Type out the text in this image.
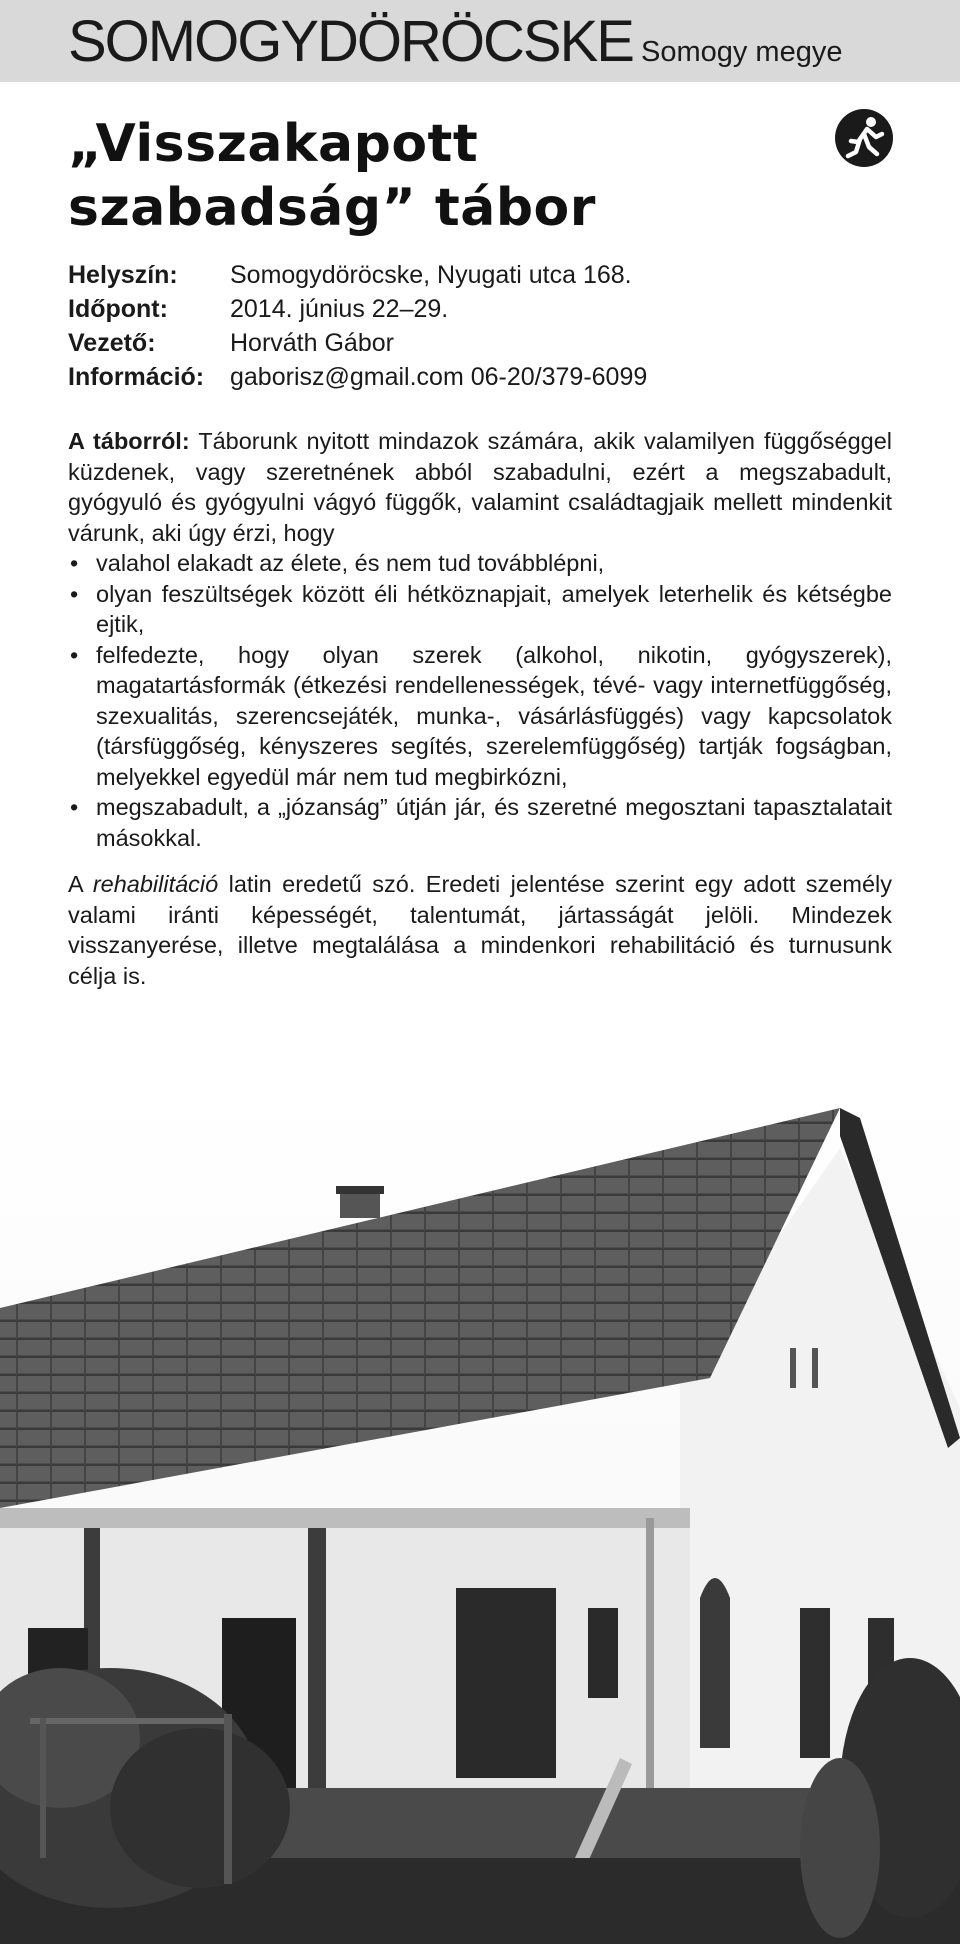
SOMOGYDÖRÖCSKE Somogy megye
„Visszakapott
szabadság” tábor
Helyszín:	Somogydöröcske, Nyugati utca 168.
Időpont:	2014. június 22–29.
Vezető:	Horváth Gábor
Információ:	gaborisz@gmail.com 06-20/379-6099

A táborról: Táborunk nyitott mindazok számára, akik valamilyen függőséggel küzdenek, vagy szeretnének abból szabadulni, ezért a megszabadult, gyógyuló és gyógyulni vágyó függők, valamint családtagjaik mellett mindenkit várunk, aki úgy érzi, hogy

• valahol elakadt az élete, és nem tud továbblépni,
• olyan feszültségek között éli hétköznapjait, amelyek leterhelik és kétségbe ejtik,
• felfedezte, hogy olyan szerek (alkohol, nikotin, gyógyszerek), magatartásformák (étkezési rendellenességek, tévé- vagy internetfüggőség, szexualitás, szerencsejáték, munka-, vásárlásfüggés) vagy kapcsolatok (társfüggőség, kényszeres segítés, szerelemfüggőség) tartják fogságban, melyekkel egyedül már nem tud megbirkózni,
• megszabadult, a „józanság” útján jár, és szeretné megosztani tapasztalatait másokkal.

A rehabilitáció latin eredetű szó. Eredeti jelentése szerint egy adott személy valami iránti képességét, talentumát, jártasságát jelöli. Mindezek visszanyerése, illetve megtalálása a mindenkori rehabilitáció és turnusunk célja is.
